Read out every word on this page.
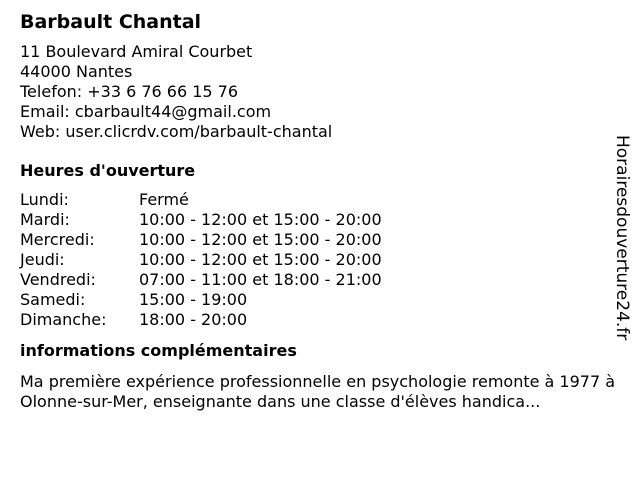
Barbault Chantal
11 Boulevard Amiral Courbet
44000 Nantes
Telefon: +33 6 76 66 15 76
Email: cbarbault44@gmail.com
Web: user.clicrdv.com/barbault-chantal
Heures d'ouverture
Lundi:	Fermé
Mardi:	10:00 - 12:00 et 15:00 - 20:00
Mercredi:	10:00 - 12:00 et 15:00 - 20:00
Jeudi:	10:00 - 12:00 et 15:00 - 20:00
Vendredi:	07:00 - 11:00 et 18:00 - 21:00
Samedi:	15:00 - 19:00
Dimanche:	18:00 - 20:00
informations complémentaires
Ma première expérience professionnelle en psychologie remonte à 1977 à Olonne-sur-Mer, enseignante dans une classe d'élèves handica...
Horairesdouverture24.fr
